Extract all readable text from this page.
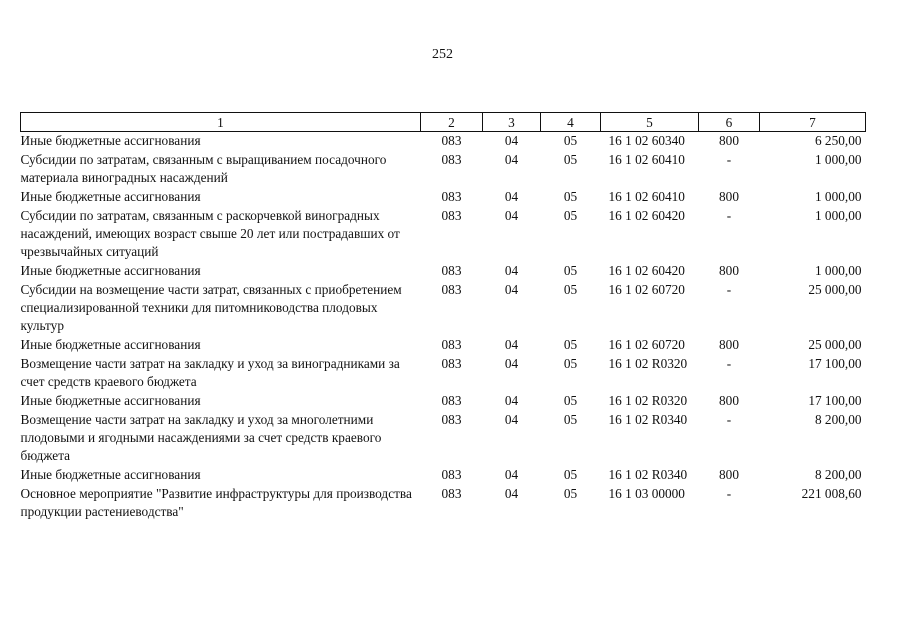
252
1	2	3	4	5	6	7
Иные бюджетные ассигнования	083	04	05	16 1 02 60340	800	6 250,00
Субсидии по затратам, связанным с выращиванием посадочного материала виноградных насаждений	083	04	05	16 1 02 60410	-	1 000,00
Иные бюджетные ассигнования	083	04	05	16 1 02 60410	800	1 000,00
Субсидии по затратам, связанным с раскорчевкой виноградных насаждений, имеющих возраст свыше 20 лет или пострадавших от чрезвычайных ситуаций	083	04	05	16 1 02 60420	-	1 000,00
Иные бюджетные ассигнования	083	04	05	16 1 02 60420	800	1 000,00
Субсидии на возмещение части затрат, связанных с приобретением специализированной техники для питомниководства плодовых культур	083	04	05	16 1 02 60720	-	25 000,00
Иные бюджетные ассигнования	083	04	05	16 1 02 60720	800	25 000,00
Возмещение части затрат на закладку и уход за виноградниками за счет средств краевого бюджета	083	04	05	16 1 02 R0320	-	17 100,00
Иные бюджетные ассигнования	083	04	05	16 1 02 R0320	800	17 100,00
Возмещение части затрат на закладку и уход за многолетними плодовыми и ягодными насаждениями за счет средств краевого бюджета	083	04	05	16 1 02 R0340	-	8 200,00
Иные бюджетные ассигнования	083	04	05	16 1 02 R0340	800	8 200,00
Основное мероприятие "Развитие инфраструктуры для производства продукции растениеводства"	083	04	05	16 1 03 00000	-	221 008,60
